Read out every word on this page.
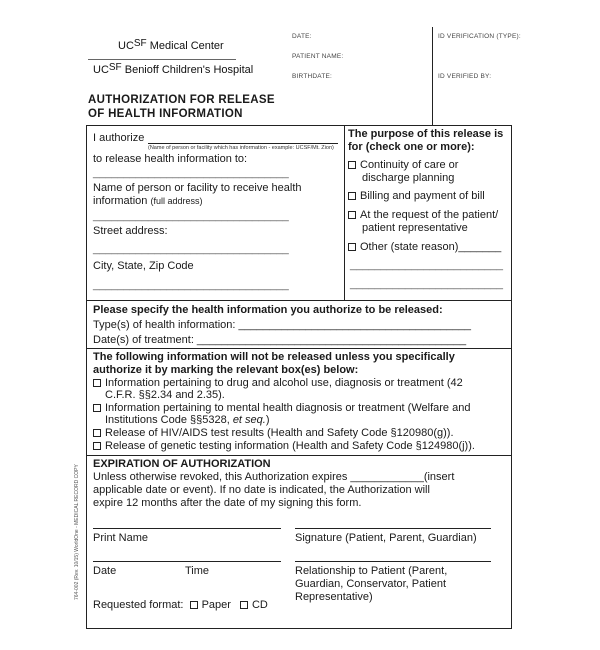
UCSF Medical Center
UCSF Benioff Children's Hospital
AUTHORIZATION FOR RELEASE
OF HEALTH INFORMATION
DATE:
PATIENT NAME:
BIRTHDATE:
ID VERIFICATION (TYPE):
ID VERIFIED BY:
I authorize
(Name of person or facility which has information - example: UCSF/Mt. Zion)
to release health information to:
________________________________
Name of person or facility to receive health
information (full address)
________________________________
Street address:
________________________________
City, State, Zip Code
________________________________
The purpose of this release is
for (check one or more):
Continuity of care or
discharge planning
Billing and payment of bill
At the request of the patient/
patient representative
Other (state reason)_______
_________________________
_________________________
Please specify the health information you authorize to be released:
Type(s) of health information: ______________________________________
Date(s) of treatment: ____________________________________________
The following information will not be released unless you specifically
authorize it by marking the relevant box(es) below:
Information pertaining to drug and alcohol use, diagnosis or treatment (42
C.F.R. §§2.34 and 2.35).
Information pertaining to mental health diagnosis or treatment (Welfare and
Institutions Code §§5328, et seq.)
Release of HIV/AIDS test results (Health and Safety Code §120980(g)).
Release of genetic testing information (Health and Safety Code §124980(j)).
EXPIRATION OF AUTHORIZATION
Unless otherwise revoked, this Authorization expires ____________(insert
applicable date or event). If no date is indicated, the Authorization will
expire 12 months after the date of my signing this form.
Print Name	Signature (Patient, Parent, Guardian)
Date	Time	Relationship to Patient (Parent,
Guardian, Conservator, Patient
Representative)
Requested format: Paper CD
764-002 (Rev. 10/15) WorldOne - MEDICAL RECORD COPY
